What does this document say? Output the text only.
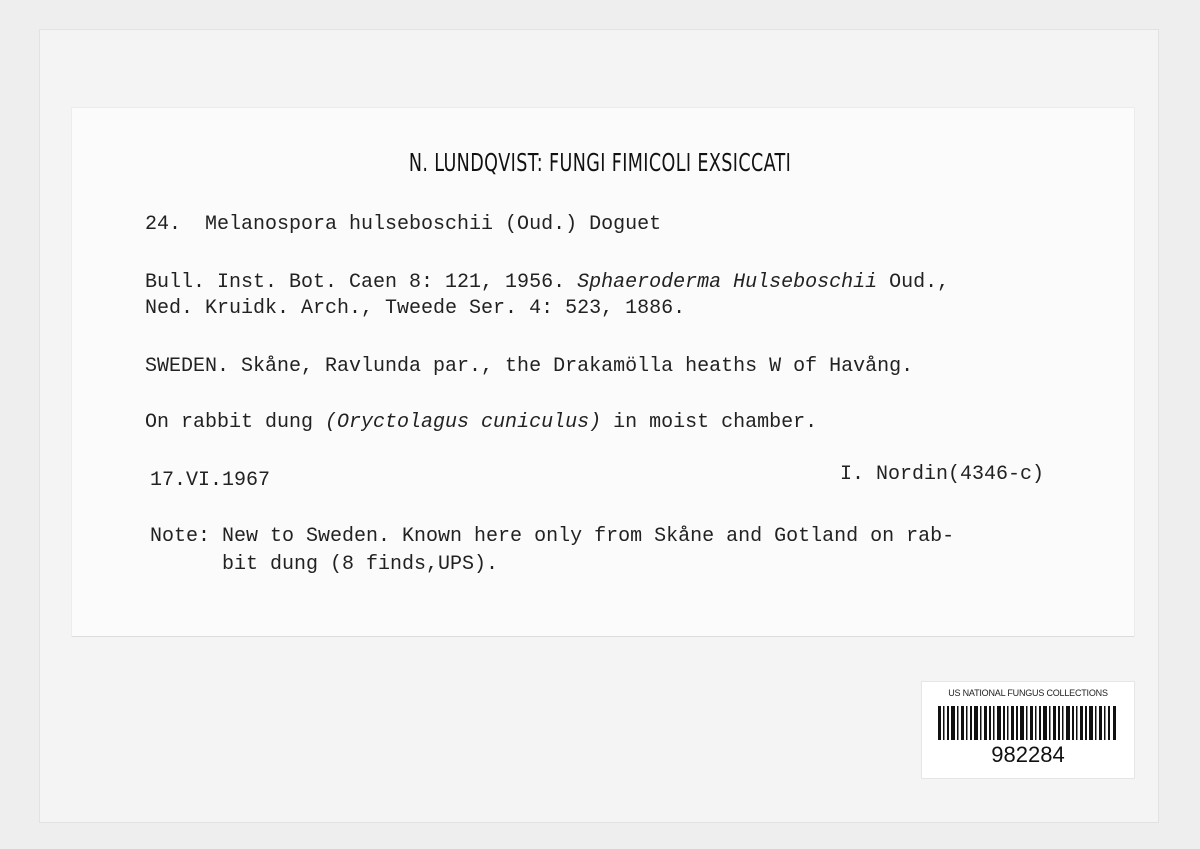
N. LUNDQVIST: FUNGI FIMICOLI EXSICCATI
24.  Melanospora hulseboschii (Oud.) Doguet
Bull. Inst. Bot. Caen 8: 121, 1956. Sphaeroderma Hulseboschii Oud.,
Ned. Kruidk. Arch., Tweede Ser. 4: 523, 1886.
SWEDEN. Skåne, Ravlunda par., the Drakamölla heaths W of Havång.
On rabbit dung (Oryctolagus cuniculus) in moist chamber.
17.VI.1967	I. Nordin(4346-c)
Note: New to Sweden. Known here only from Skåne and Gotland on rab-
bit dung (8 finds,UPS).
US NATIONAL FUNGUS COLLECTIONS
982284
